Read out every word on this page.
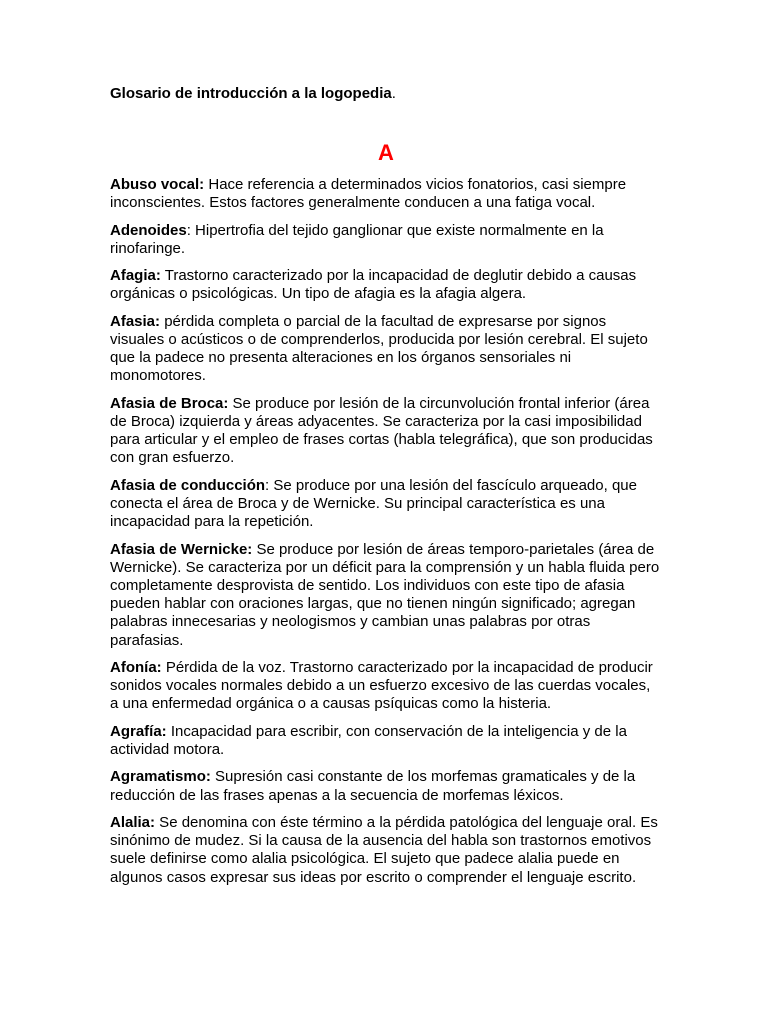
Glosario de introducción a la logopedia.

A

Abuso vocal: Hace referencia a determinados vicios fonatorios, casi siempre inconscientes. Estos factores generalmente conducen a una fatiga vocal.

Adenoides: Hipertrofia del tejido ganglionar que existe normalmente en la rinofaringe.

Afagia: Trastorno caracterizado por la incapacidad de deglutir debido a causas orgánicas o psicológicas. Un tipo de afagia es la afagia algera.

Afasia: pérdida completa o parcial de la facultad de expresarse por signos visuales o acústicos o de comprenderlos, producida por lesión cerebral. El sujeto que la padece no presenta alteraciones en los órganos sensoriales ni monomotores.

Afasia de Broca: Se produce por lesión de la circunvolución frontal inferior (área de Broca) izquierda y áreas adyacentes. Se caracteriza por la casi imposibilidad para articular y el empleo de frases cortas (habla telegráfica), que son producidas con gran esfuerzo.

Afasia de conducción: Se produce por una lesión del fascículo arqueado, que conecta el área de Broca y de Wernicke. Su principal característica es una incapacidad para la repetición.

Afasia de Wernicke: Se produce por lesión de áreas temporo-parietales (área de Wernicke). Se caracteriza por un déficit para la comprensión y un habla fluida pero completamente desprovista de sentido. Los individuos con este tipo de afasia pueden hablar con oraciones largas, que no tienen ningún significado; agregan palabras innecesarias y neologismos y cambian unas palabras por otras parafasias.

Afonía: Pérdida de la voz. Trastorno caracterizado por la incapacidad de producir sonidos vocales normales debido a un esfuerzo excesivo de las cuerdas vocales, a una enfermedad orgánica o a causas psíquicas como la histeria.

Agrafía: Incapacidad para escribir, con conservación de la inteligencia y de la actividad motora.

Agramatismo: Supresión casi constante de los morfemas gramaticales y de la reducción de las frases apenas a la secuencia de morfemas léxicos.

Alalia: Se denomina con éste término a la pérdida patológica del lenguaje oral. Es sinónimo de mudez. Si la causa de la ausencia del habla son trastornos emotivos suele definirse como alalia psicológica. El sujeto que padece alalia puede en algunos casos expresar sus ideas por escrito o comprender el lenguaje escrito.
